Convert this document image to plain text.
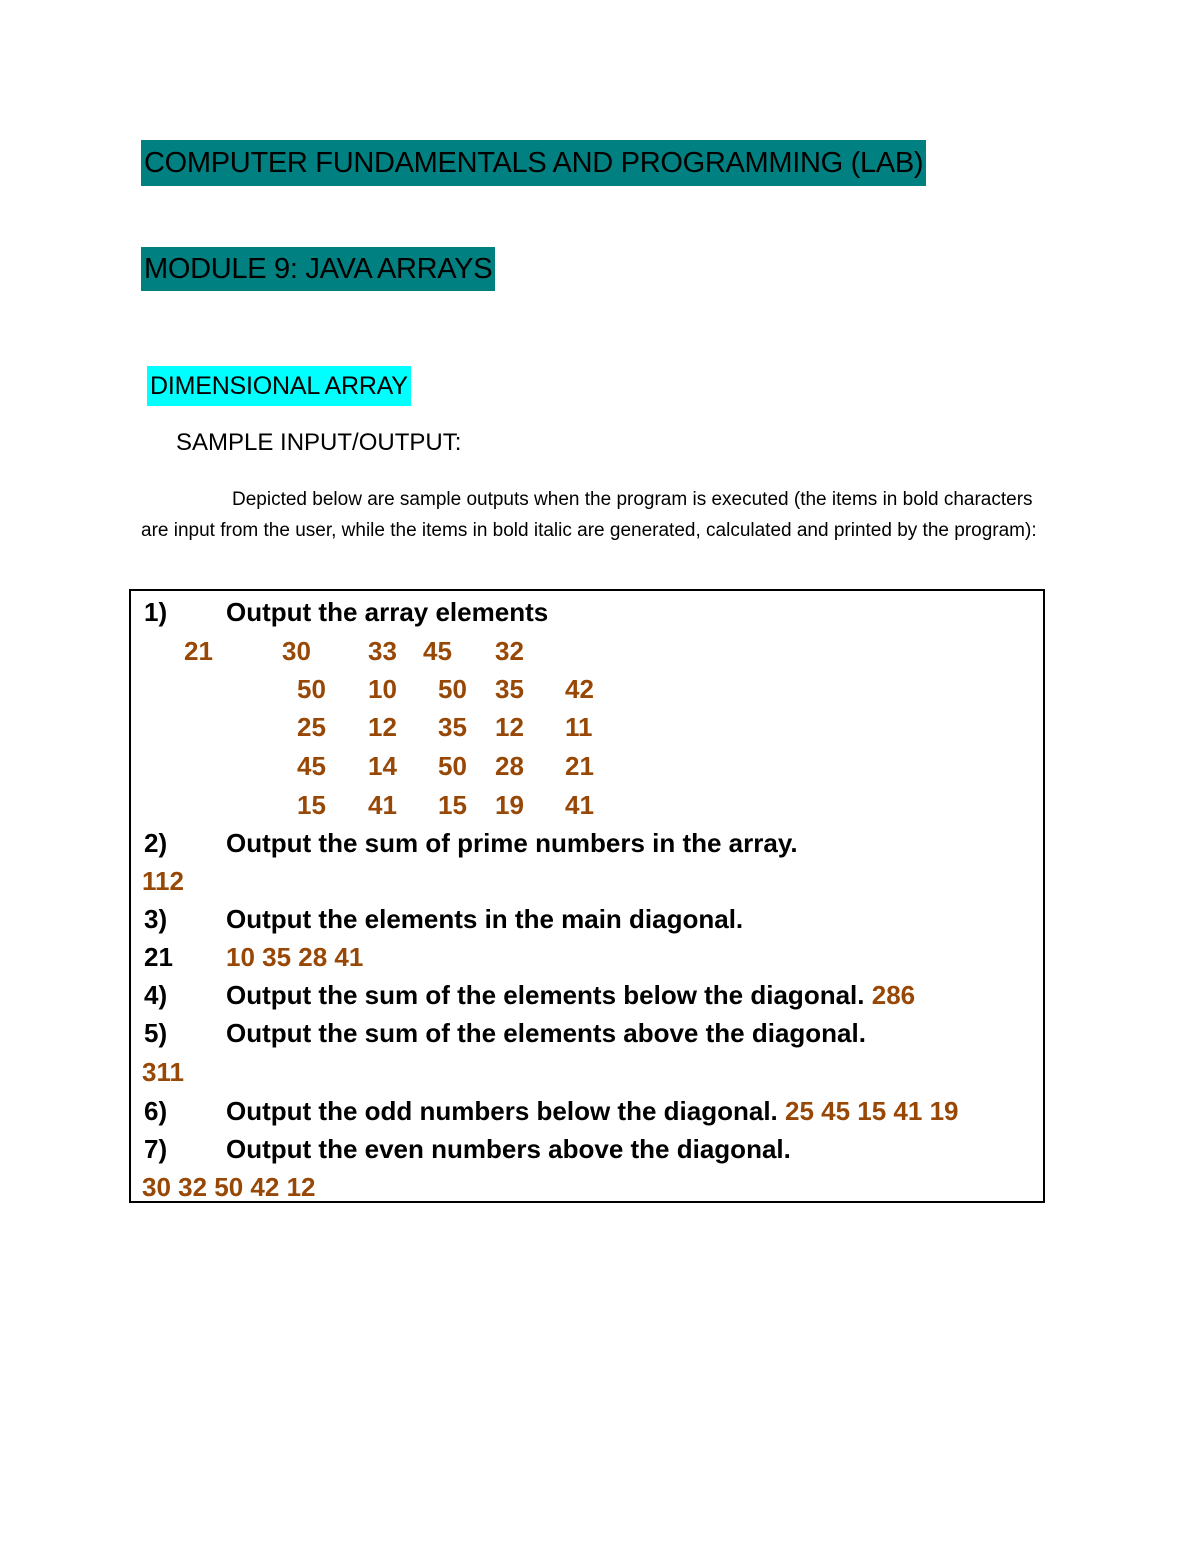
COMPUTER FUNDAMENTALS AND PROGRAMMING (LAB)
MODULE 9: JAVA ARRAYS
DIMENSIONAL ARRAY
SAMPLE INPUT/OUTPUT:
Depicted below are sample outputs when the program is executed (the items in bold characters are input from the user, while the items in bold italic are generated, calculated and printed by the program):
1) Output the array elements
21	30 33 45 32
50 10 50 35 42
25 12 35 12 11
45 14 50 28 21
15 41 15 19 41
2) Output the sum of prime numbers in the array.
112
3) Output the elements in the main diagonal.
21 10 35 28 41
4) Output the sum of the elements below the diagonal. 286
5) Output the sum of the elements above the diagonal.
311
6) Output the odd numbers below the diagonal. 25 45 15 41 19
7) Output the even numbers above the diagonal.
30 32 50 42 12
